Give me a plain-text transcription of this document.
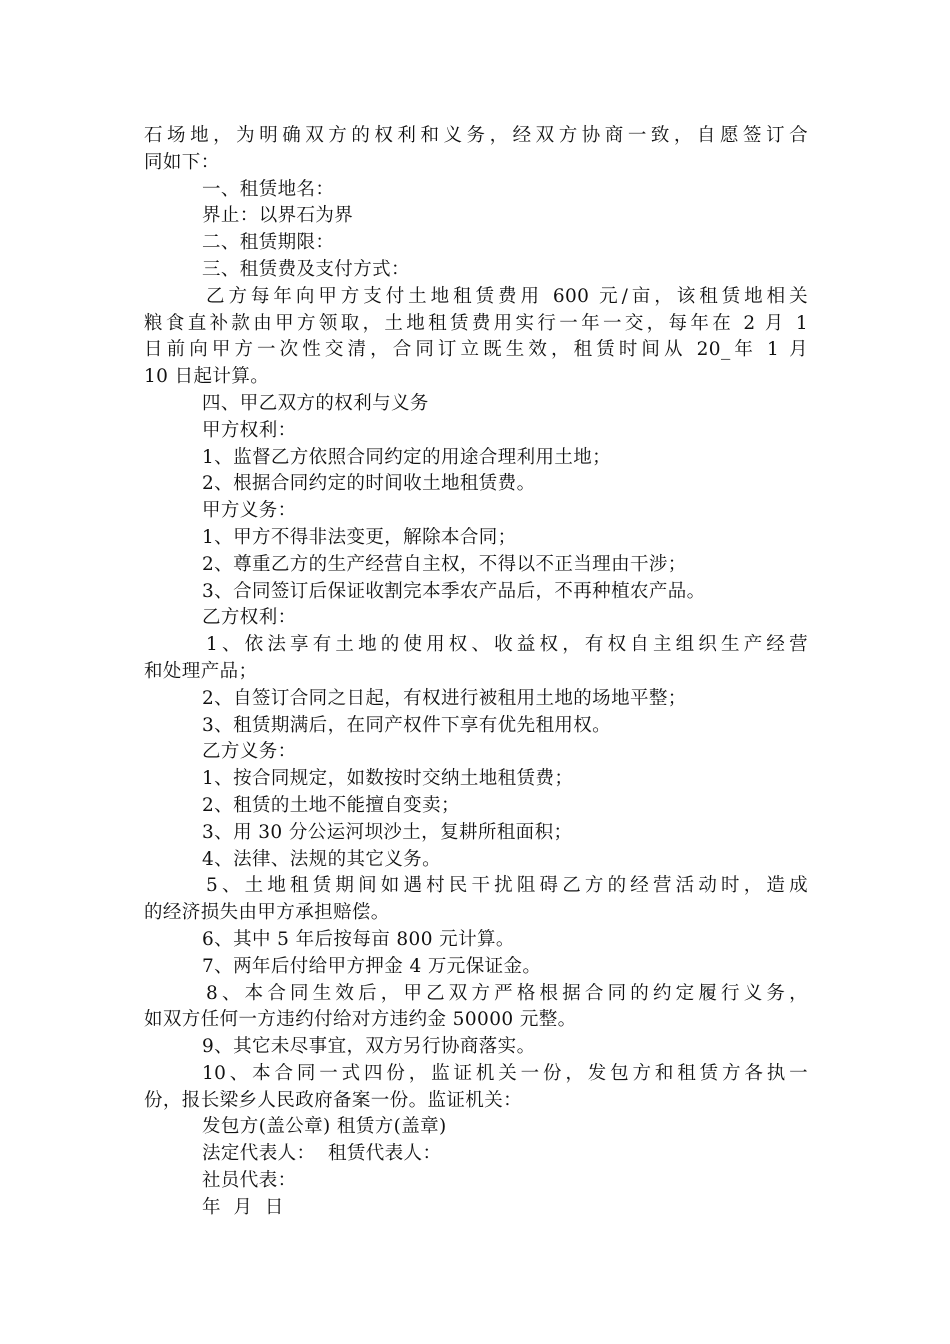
石场地，为明确双方的权利和义务，经双方协商一致，自愿签订合
同如下：
一、租赁地名：
界止：以界石为界
二、租赁期限：
三、租赁费及支付方式：
乙方每年向甲方支付土地租赁费用 600 元/亩，该租赁地相关
粮食直补款由甲方领取，土地租赁费用实行一年一交，每年在 2 月 1
日前向甲方一次性交清，合同订立既生效，租赁时间从 20_年 1 月
10 日起计算。
四、甲乙双方的权利与义务
甲方权利：
1、监督乙方依照合同约定的用途合理利用土地；
2、根据合同约定的时间收土地租赁费。
甲方义务：
1、甲方不得非法变更，解除本合同；
2、尊重乙方的生产经营自主权，不得以不正当理由干涉；
3、合同签订后保证收割完本季农产品后，不再种植农产品。
乙方权利：
1、依法享有土地的使用权、收益权，有权自主组织生产经营
和处理产品；
2、自签订合同之日起，有权进行被租用土地的场地平整；
3、租赁期满后，在同产权件下享有优先租用权。
乙方义务：
1、按合同规定，如数按时交纳土地租赁费；
2、租赁的土地不能擅自变卖；
3、用 30 分公运河坝沙土，复耕所租面积；
4、法律、法规的其它义务。
5、土地租赁期间如遇村民干扰阻碍乙方的经营活动时，造成
的经济损失由甲方承担赔偿。
6、其中 5 年后按每亩 800 元计算。
7、两年后付给甲方押金 4 万元保证金。
8、本合同生效后，甲乙双方严格根据合同的约定履行义务，
如双方任何一方违约付给对方违约金 50000 元整。
9、其它未尽事宜，双方另行协商落实。
10、本合同一式四份，监证机关一份，发包方和租赁方各执一
份，报长梁乡人民政府备案一份。监证机关：
发包方(盖公章) 租赁方(盖章)
法定代表人：  租赁代表人：
社员代表：
年  月  日
